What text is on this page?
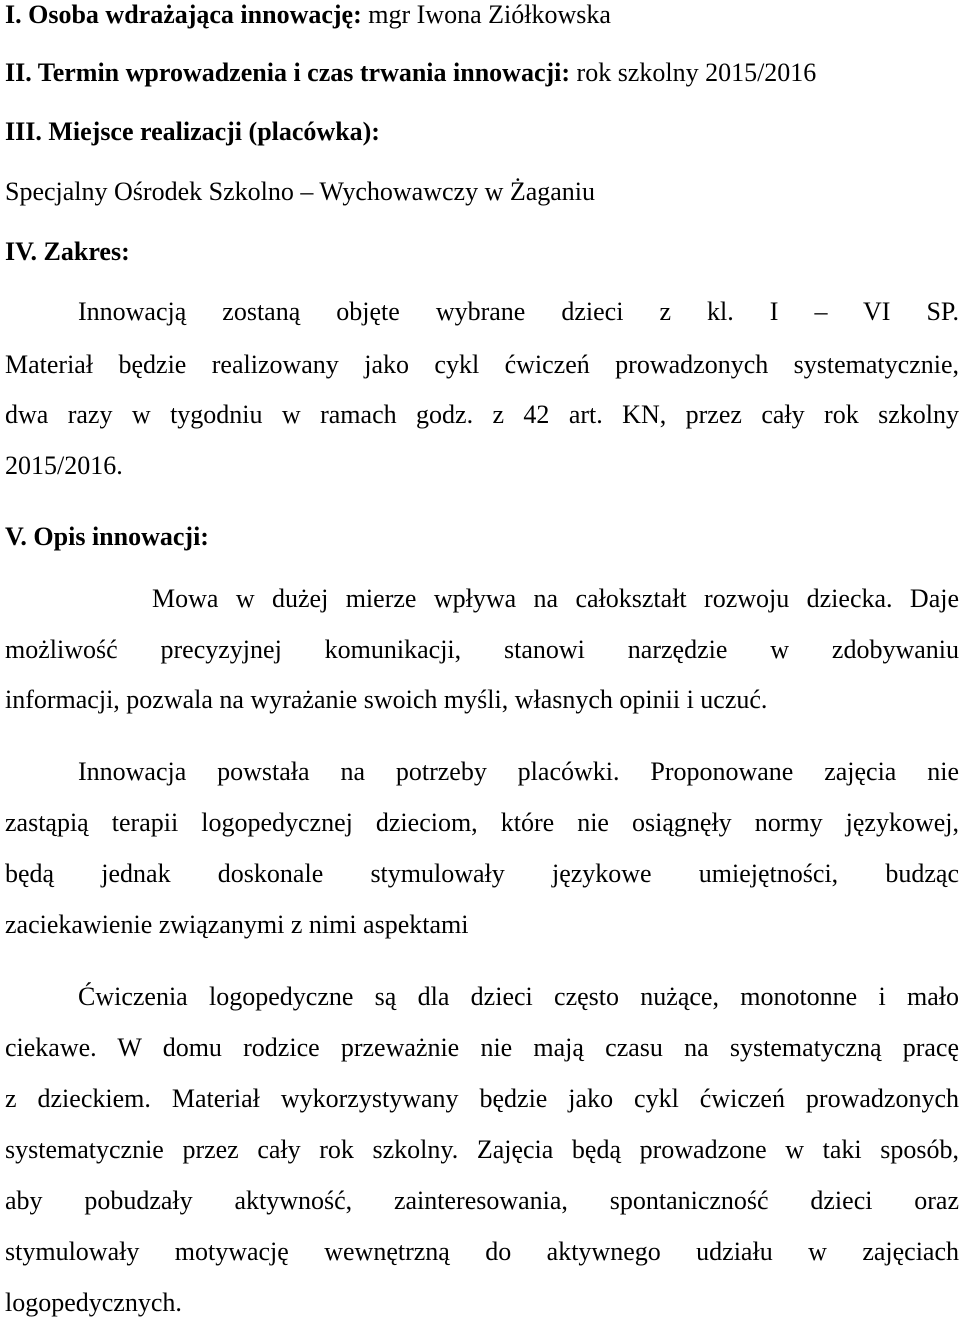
I. Osoba wdrażająca innowację: mgr Iwona Ziółkowska

II. Termin wprowadzenia i czas trwania innowacji: rok szkolny 2015/2016

III. Miejsce realizacji (placówka):

Specjalny Ośrodek Szkolno – Wychowawczy w Żaganiu

IV. Zakres:

Innowacją zostaną objęte wybrane dzieci z kl. I – VI SP.

Materiał będzie realizowany jako cykl ćwiczeń prowadzonych systematycznie,

dwa razy w tygodniu w ramach godz. z 42 art. KN, przez cały rok szkolny

2015/2016.

V. Opis innowacji:

Mowa w dużej mierze wpływa na całokształt rozwoju dziecka. Daje

możliwość precyzyjnej komunikacji, stanowi narzędzie w zdobywaniu

informacji, pozwala na wyrażanie swoich myśli, własnych opinii i uczuć.

Innowacja powstała na potrzeby placówki. Proponowane zajęcia nie

zastąpią terapii logopedycznej dzieciom, które nie osiągnęły normy językowej,

będą jednak doskonale stymulowały językowe umiejętności, budząc

zaciekawienie związanymi z nimi aspektami

Ćwiczenia logopedyczne są dla dzieci często nużące, monotonne i mało

ciekawe. W domu rodzice przeważnie nie mają czasu na systematyczną pracę

z dzieckiem. Materiał wykorzystywany będzie jako cykl ćwiczeń prowadzonych

systematycznie przez cały rok szkolny. Zajęcia będą prowadzone w taki sposób,

aby pobudzały aktywność, zainteresowania, spontaniczność dzieci oraz

stymulowały motywację wewnętrzną do aktywnego udziału w zajęciach

logopedycznych.
